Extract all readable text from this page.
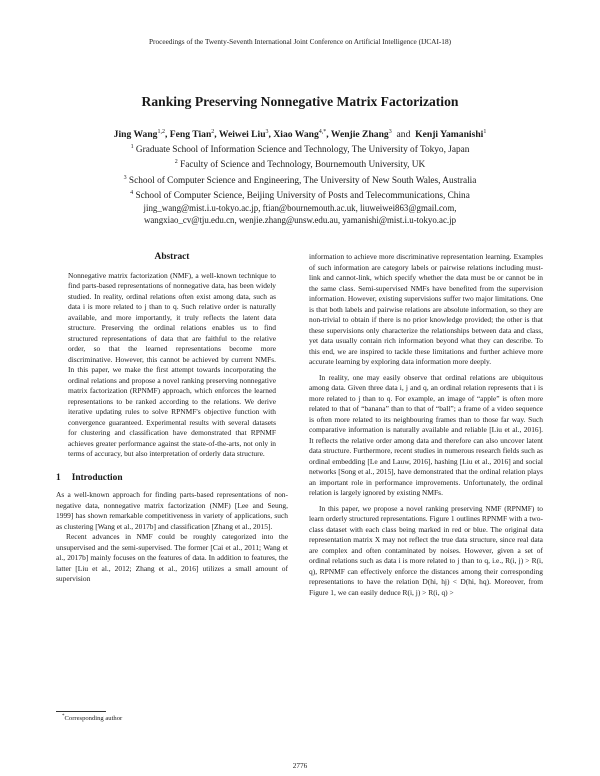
Proceedings of the Twenty-Seventh International Joint Conference on Artificial Intelligence (IJCAI-18)
Ranking Preserving Nonnegative Matrix Factorization
Jing Wang$^{1,2}$, Feng Tian$^2$, Weiwei Liu$^3$, Xiao Wang$^{4,*}$, Wenjie Zhang$^3$  and  Kenji Yamanishi$^1$
$^1$ Graduate School of Information Science and Technology, The University of Tokyo, Japan
$^2$ Faculty of Science and Technology, Bournemouth University, UK
$^3$ School of Computer Science and Engineering, The University of New South Wales, Australia
$^4$ School of Computer Science, Beijing University of Posts and Telecommunications, China
jing_wang@mist.i.u-tokyo.ac.jp, ftian@bournemouth.ac.uk, liuweiwei863@gmail.com,
wangxiao_cv@tju.edu.cn, wenjie.zhang@unsw.edu.au, yamanishi@mist.i.u-tokyo.ac.jp
Abstract

Nonnegative matrix factorization (NMF), a well-known technique to find parts-based representations of nonnegative data, has been widely studied. In reality, ordinal relations often exist among data, such as data i is more related to j than to q. Such relative order is naturally available, and more importantly, it truly reflects the latent data structure. Preserving the ordinal relations enables us to find structured representations of data that are faithful to the relative order, so that the learned representations become more discriminative. However, this cannot be achieved by current NMFs. In this paper, we make the first attempt towards incorporating the ordinal relations and propose a novel ranking preserving nonnegative matrix factorization (RPNMF) approach, which enforces the learned representations to be ranked according to the relations. We derive iterative updating rules to solve RPNMF's objective function with convergence guaranteed. Experimental results with several datasets for clustering and classification have demonstrated that RPNMF achieves greater performance against the state-of-the-arts, not only in terms of accuracy, but also interpretation of orderly data structure.

1 Introduction

As a well-known approach for finding parts-based representations of non-negative data, nonnegative matrix factorization (NMF) [Lee and Seung, 1999] has shown remarkable competitiveness in variety of applications, such as clustering [Wang et al., 2017b] and classification [Zhang et al., 2015].

Recent advances in NMF could be roughly categorized into the unsupervised and the semi-supervised. The former [Cai et al., 2011; Wang et al., 2017b] mainly focuses on the features of data. In addition to features, the latter [Liu et al., 2012; Zhang et al., 2016] utilizes a small amount of supervision

information to achieve more discriminative representation learning. Examples of such information are category labels or pairwise relations including must-link and cannot-link, which specify whether the data must be or cannot be in the same class. Semi-supervised NMFs have benefited from the supervision information. However, existing supervisions suffer two major limitations. One is that both labels and pairwise relations are absolute information, so they are non-trivial to obtain if there is no prior knowledge provided; the other is that these supervisions only characterize the relationships between data and class, yet data usually contain rich information beyond what they can describe. To this end, we are inspired to tackle these limitations and further achieve more accurate learning by exploring data information more deeply.

In reality, one may easily observe that ordinal relations are ubiquitous among data. Given three data i, j and q, an ordinal relation represents that i is more related to j than to q. For example, an image of “apple” is often more related to that of “banana” than to that of “ball”; a frame of a video sequence is often more related to its neighbouring frames than to those far way. Such comparative information is naturally available and reliable [Liu et al., 2016]. It reflects the relative order among data and therefore can also uncover latent data structure. Furthermore, recent studies in numerous research fields such as ordinal embedding [Le and Lauw, 2016], hashing [Liu et al., 2016] and social networks [Song et al., 2015], have demonstrated that the ordinal relation plays an important role in performance improvements. Unfortunately, the ordinal relation is largely ignored by existing NMFs.

In this paper, we propose a novel ranking preserving NMF (RPNMF) to learn orderly structured representations. Figure 1 outlines RPNMF with a two-class dataset with each class being marked in red or blue. The original data representation matrix X may not reflect the true data structure, since real data are complex and often contaminated by noises. However, given a set of ordinal relations such as data i is more related to j than to q, i.e., R(i, j) > R(i, q), RPNMF can effectively enforce the distances among their corresponding representations to have the relation D(hi, hj) < D(hi, hq). Moreover, from Figure 1, we can easily deduce R(i, j) > R(i, q) >

*Corresponding author
2776
